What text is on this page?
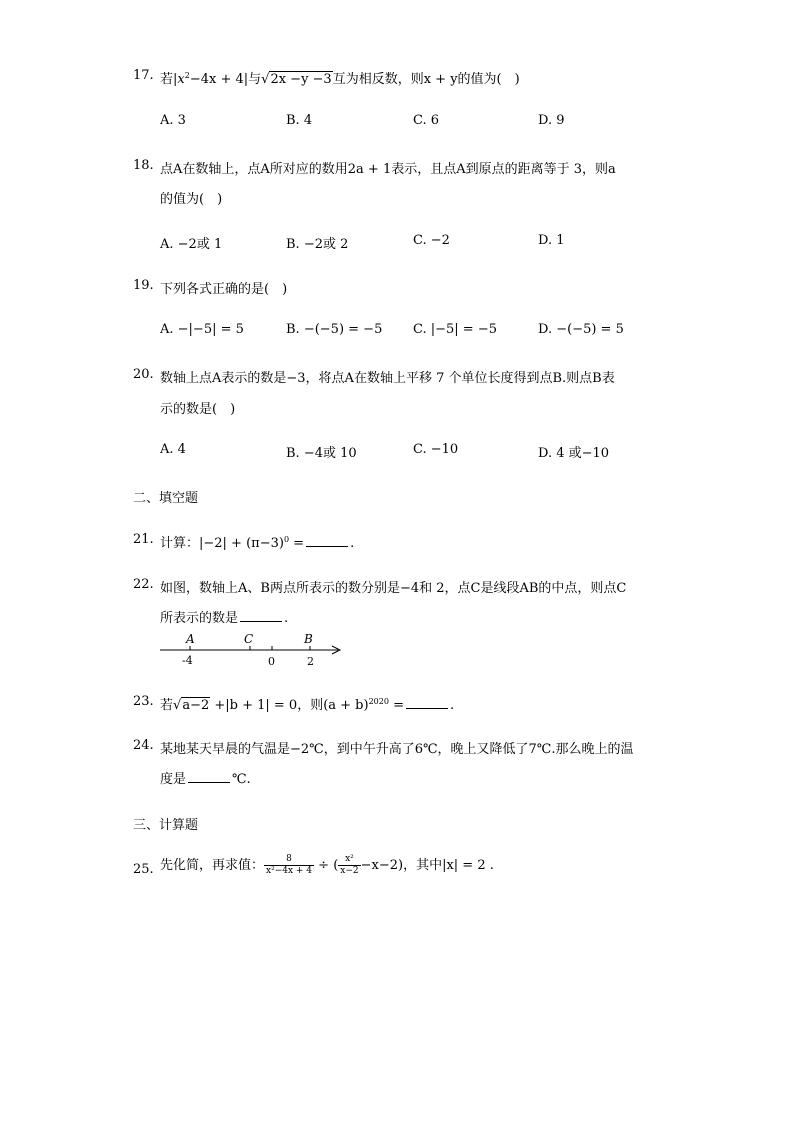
17. 若$|x^2-4x + 4|$与√2x −y −3互为相反数，则x + y的值为(　)
A. 3	B. 4	C. 6	D. 9
18. 点A在数轴上，点A所对应的数用2a + 1表示，且点A到原点的距离等于 3，则a
的值为(　)
A. −2或 1	B. −2或 2	C. −2	D. 1
19. 下列各式正确的是(　)
A. −|−5| = 5	B. −(−5) = −5 C. |−5| = −5	D. −(−5) = 5
20. 数轴上点A表示的数是−3，将点A在数轴上平移 7 个单位长度得到点B.则点B表
示的数是(　)
A. 4	B. −4或 10	C. −10	D. 4 或−10
二、填空题
21. 计算：$|-2| + (\pi-3)^0$ =	.
22. 如图，数轴上A、B两点所表示的数分别是−4和 2，点C是线段AB的中点，则点C
所表示的数是	.
A	C	B
-4	0	2
23. 若√a−2 +|b + 1| = 0，则$(a + b)^{2020}$ =	.
24. 某地某天早晨的气温是−2℃，到中午升高了6℃，晚上又降低了7℃.那么晚上的温
度是	℃.
三、计算题
25. 先化简，再求值： $\frac{8}{\text{x²−4x + 4}}$ ÷ ( $\frac{\text{x²}}{x-2} -x-2$)，其中|x| = 2 .
